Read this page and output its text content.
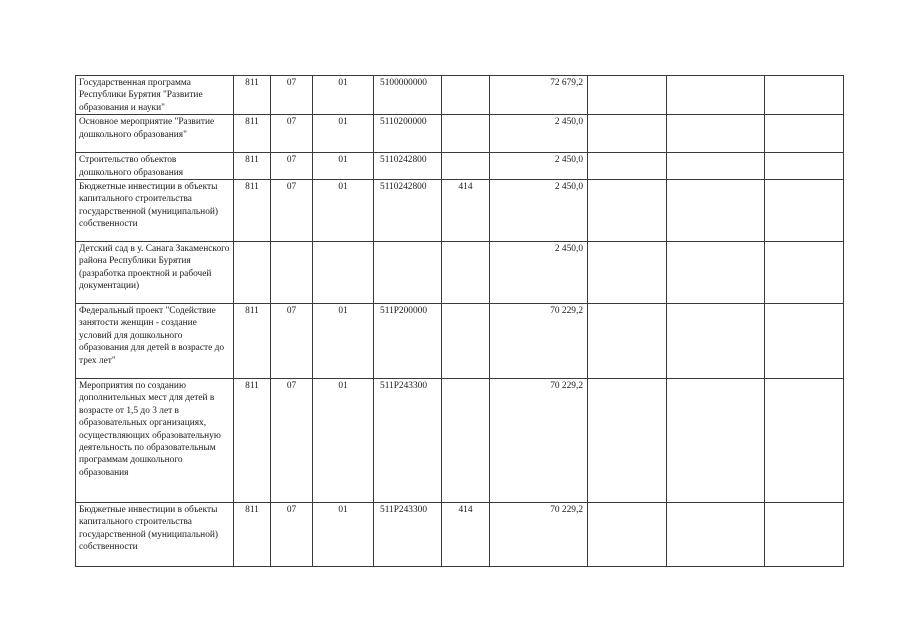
Государственная программа Республики Бурятия "Развитие образования и науки"	811	07	01	5100000000		72 679,2			
Основное мероприятие "Развитие дошкольного образования"	811	07	01	5110200000		2 450,0			
Строительство объектов дошкольного образования	811	07	01	5110242800		2 450,0			
Бюджетные инвестиции в объекты капитального строительства государственной (муниципальной) собственности	811	07	01	5110242800	414	2 450,0			
Детский сад в у. Санага Закаменского района Республики Бурятия (разработка проектной и рабочей документации)						2 450,0			
Федеральный проект "Содействие занятости женщин - создание условий для дошкольного образования для детей в возрасте до трех лет"	811	07	01	511P200000		70 229,2			
Мероприятия по созданию дополнительных мест для детей в возрасте от 1,5 до 3 лет в образовательных организациях, осуществляющих образовательную деятельность по образовательным программам дошкольного образования	811	07	01	511P243300		70 229,2			
Бюджетные инвестиции в объекты капитального строительства государственной (муниципальной) собственности	811	07	01	511P243300	414	70 229,2			
